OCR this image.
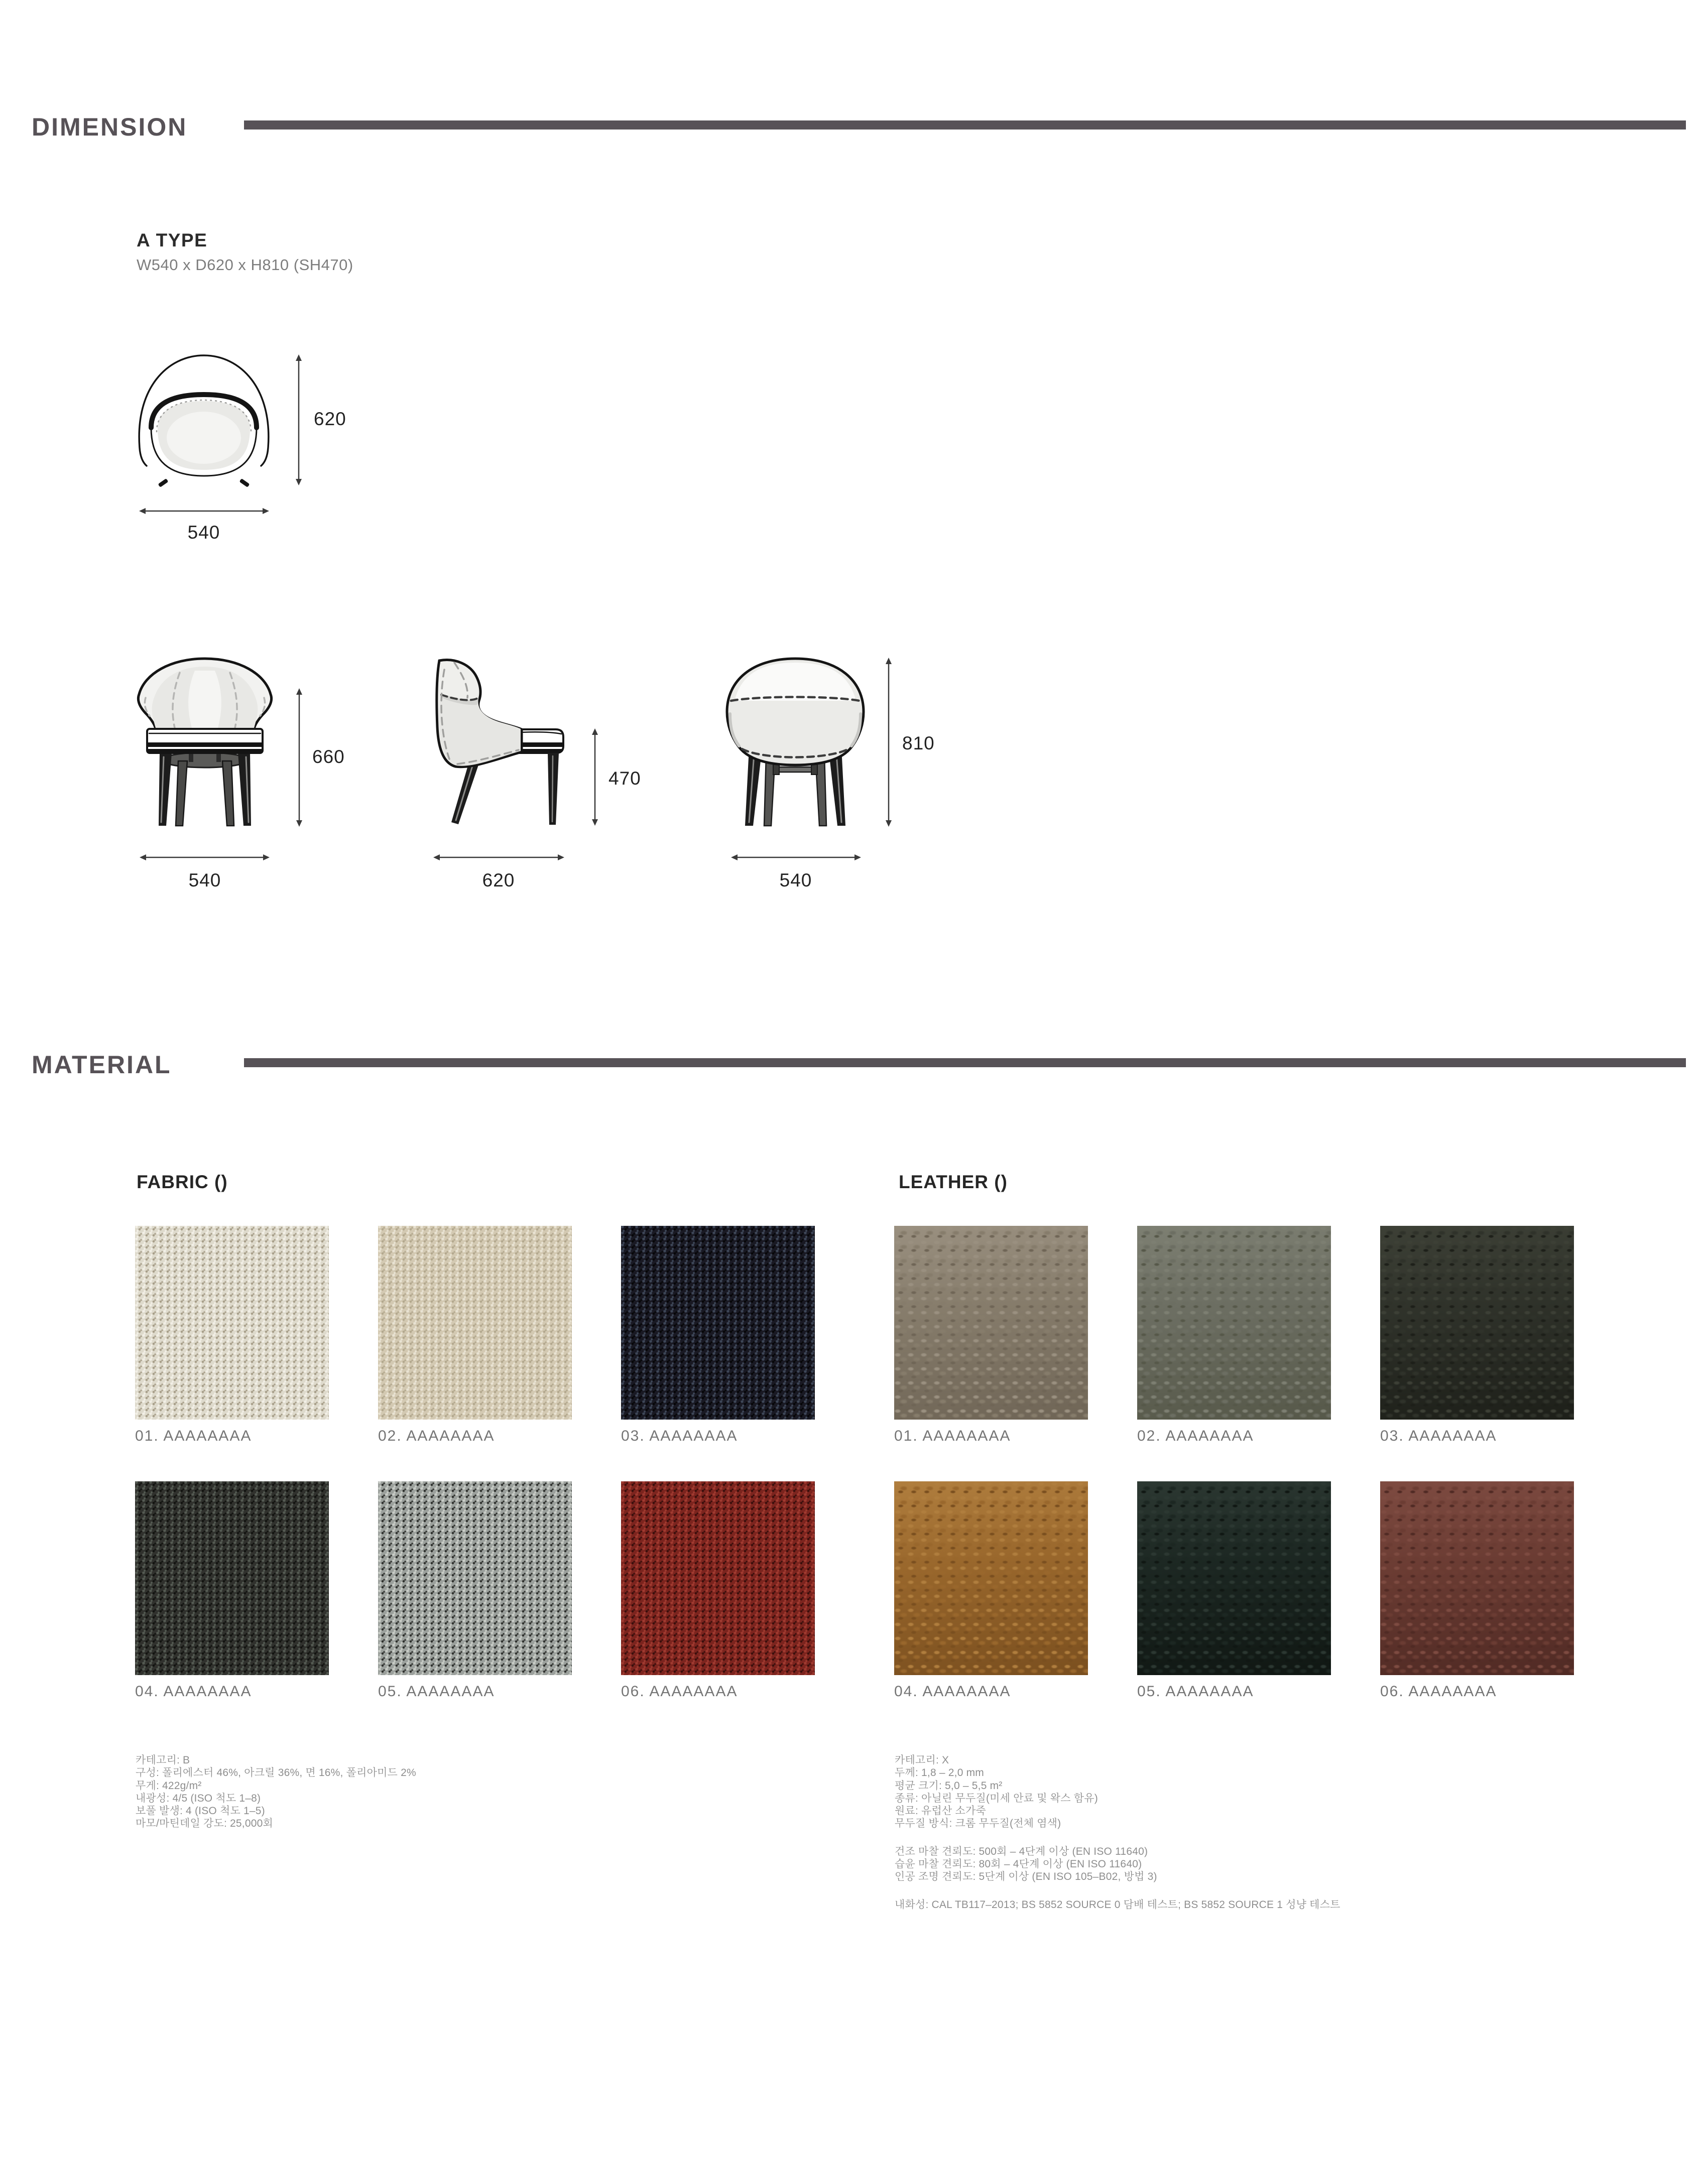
DIMENSION
A TYPE
W540 x D620 x H810 (SH470)
620
540
660
540
470
620
810
540
MATERIAL
FABRIC ()	LEATHER ()
01. AAAAAAAA	02. AAAAAAAA	03. AAAAAAAA
04. AAAAAAAA	05. AAAAAAAA	06. AAAAAAAA
01. AAAAAAAA	02. AAAAAAAA	03. AAAAAAAA
04. AAAAAAAA	05. AAAAAAAA	06. AAAAAAAA
카테고리: B
구성: 폴리에스터 46%, 아크릴 36%, 면 16%, 폴리아미드 2%
무게: 422g/m²
내광성: 4/5 (ISO 척도 1–8)
보풀 발생: 4 (ISO 척도 1–5)
마모/마틴데일 강도: 25,000회
카테고리: X
두께: 1,8 – 2,0 mm
평균 크기: 5,0 – 5,5 m²
종류: 아닐린 무두질(미세 안료 및 왁스 함유)
원료: 유럽산 소가죽
무두질 방식: 크롬 무두질(전체 염색)
건조 마찰 견뢰도: 500회 – 4단계 이상 (EN ISO 11640)
습윤 마찰 견뢰도: 80회 – 4단계 이상 (EN ISO 11640)
인공 조명 견뢰도: 5단계 이상 (EN ISO 105–B02, 방법 3)
내화성: CAL TB117–2013; BS 5852 SOURCE 0 담배 테스트; BS 5852 SOURCE 1 성냥 테스트
